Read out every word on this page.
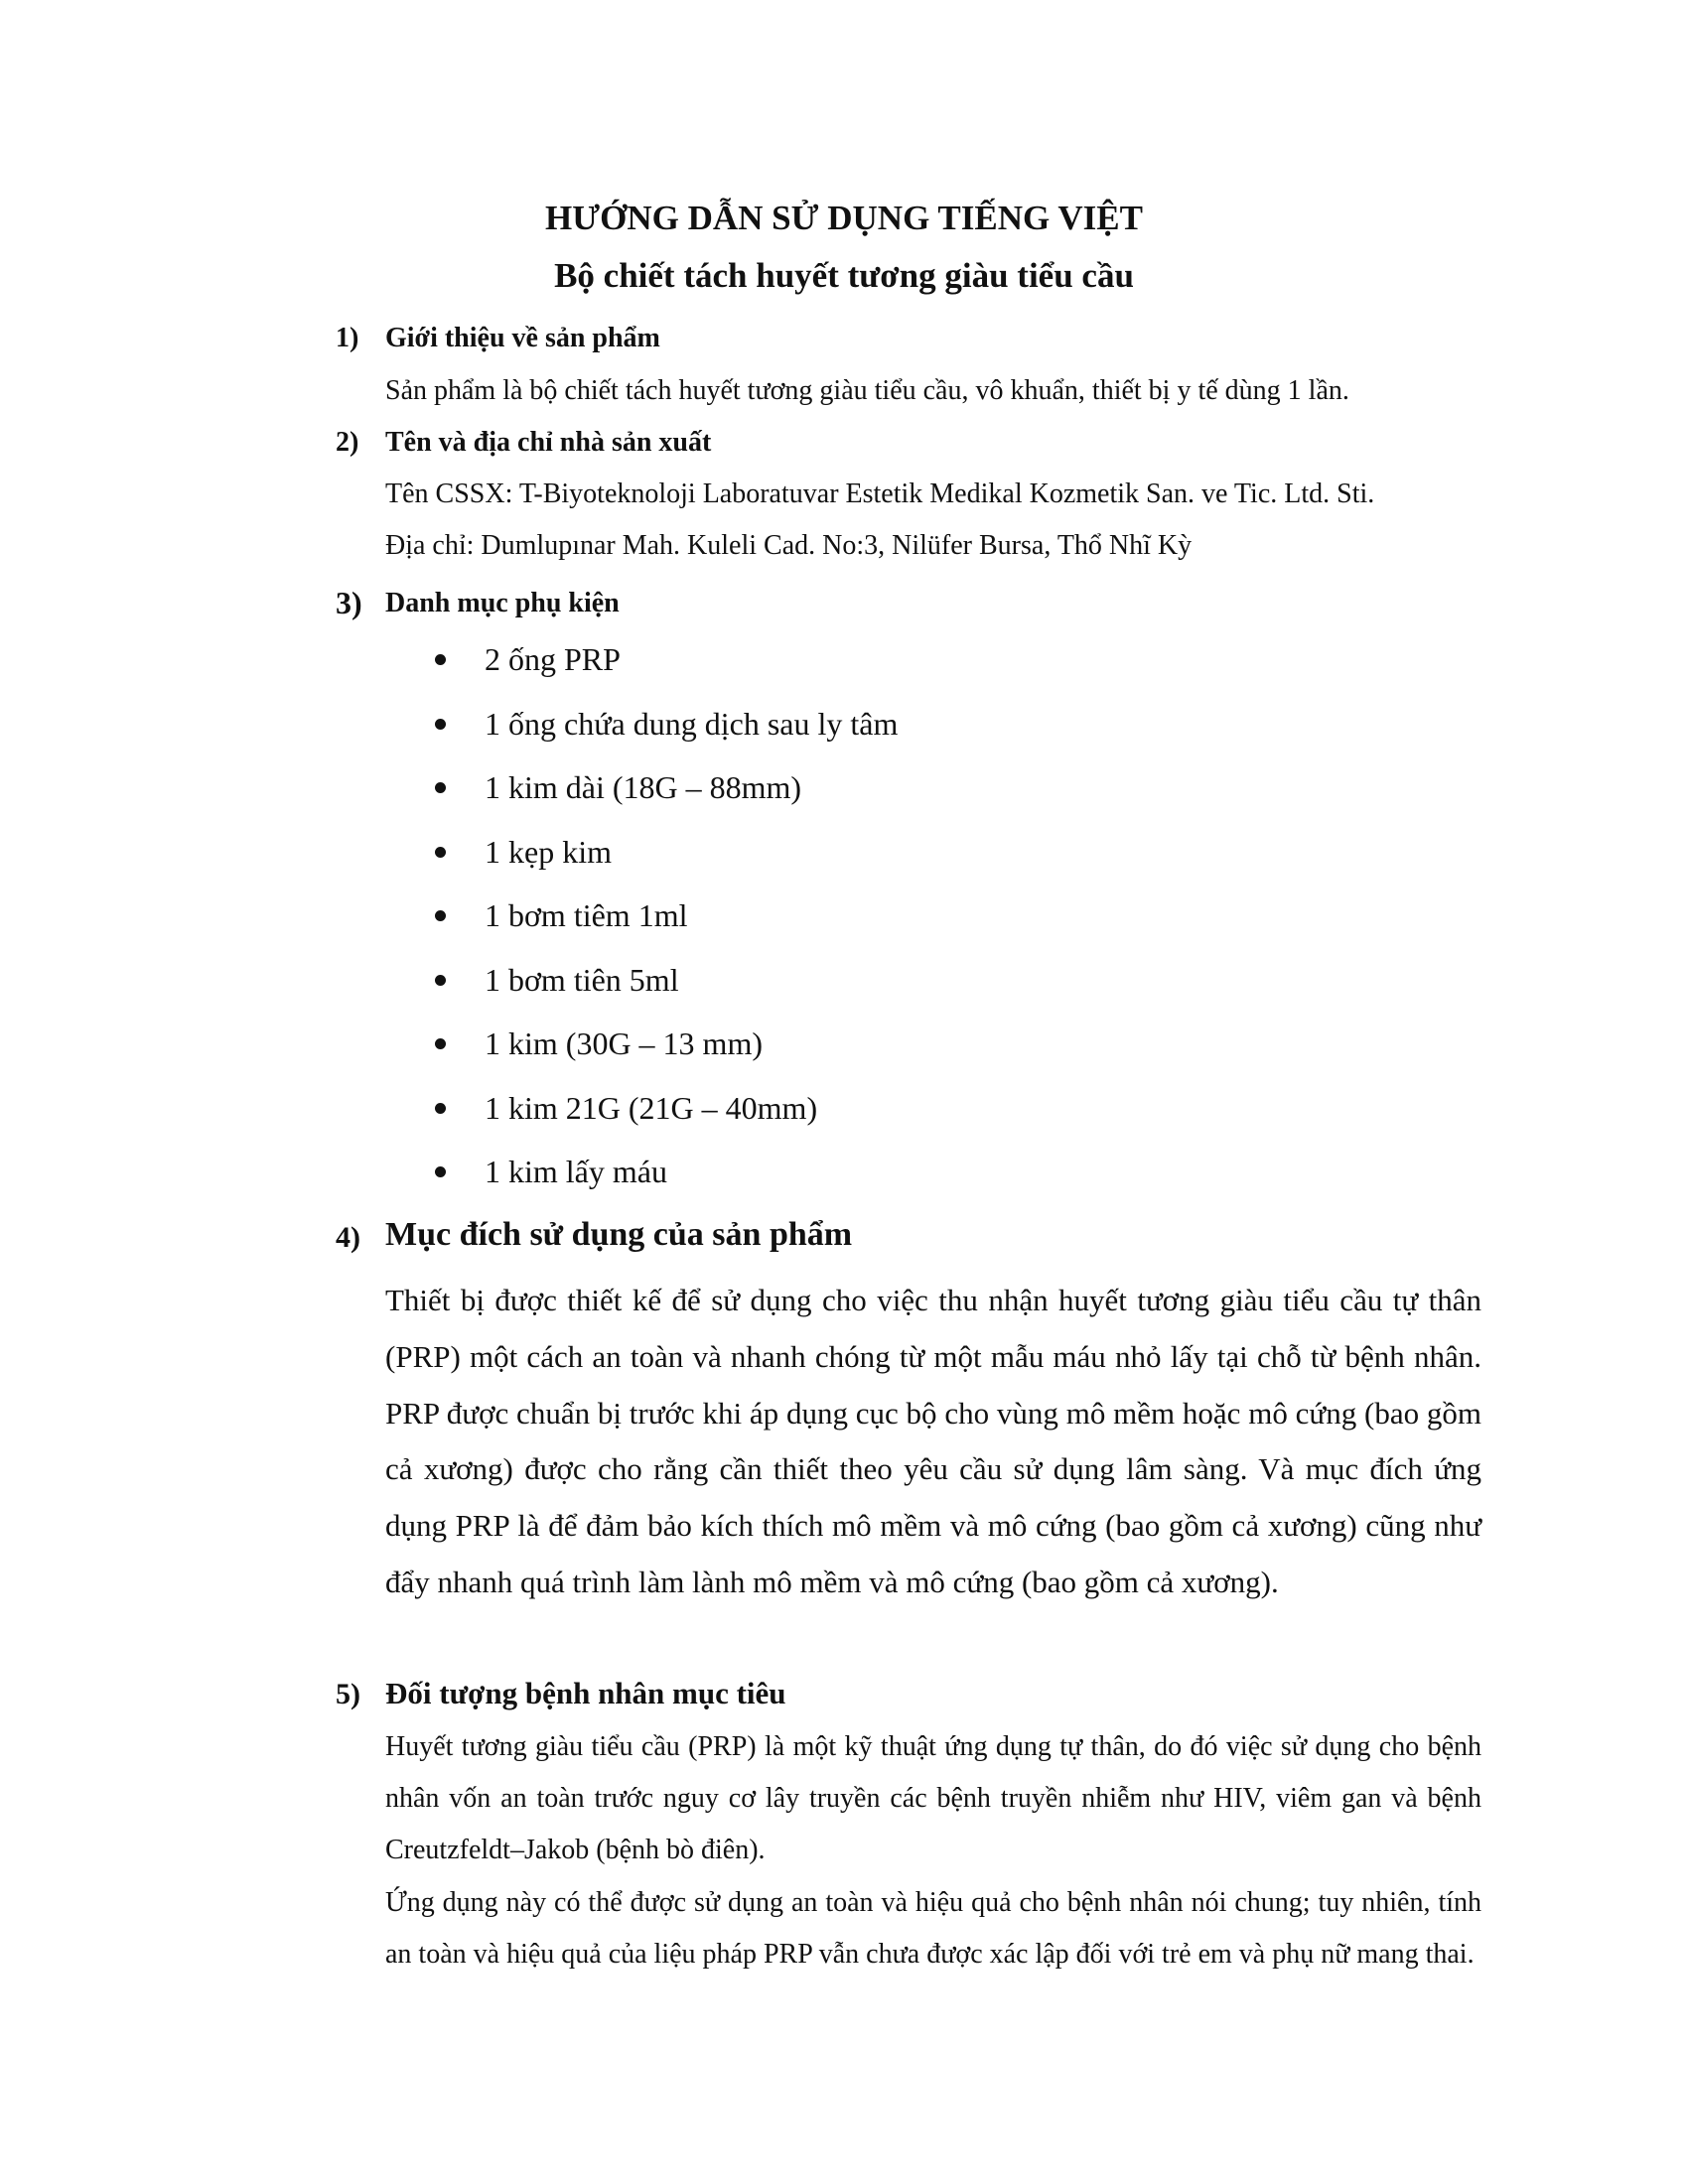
HƯỚNG DẪN SỬ DỤNG TIẾNG VIỆT
Bộ chiết tách huyết tương giàu tiểu cầu
1) Giới thiệu về sản phẩm
Sản phẩm là bộ chiết tách huyết tương giàu tiểu cầu, vô khuẩn, thiết bị y tế dùng 1 lần.
2) Tên và địa chỉ nhà sản xuất
Tên CSSX: T-Biyoteknoloji Laboratuvar Estetik Medikal Kozmetik San. ve Tic. Ltd. Sti.
Địa chỉ: Dumlupınar Mah. Kuleli Cad. No:3, Nilüfer Bursa, Thổ Nhĩ Kỳ
3) Danh mục phụ kiện
2 ống PRP
1 ống chứa dung dịch sau ly tâm
1 kim dài (18G – 88mm)
1 kẹp kim
1 bơm tiêm 1ml
1 bơm tiên 5ml
1 kim (30G – 13 mm)
1 kim 21G (21G – 40mm)
1 kim lấy máu
4) Mục đích sử dụng của sản phẩm

Thiết bị được thiết kế để sử dụng cho việc thu nhận huyết tương giàu tiểu cầu tự thân (PRP) một cách an toàn và nhanh chóng từ một mẫu máu nhỏ lấy tại chỗ từ bệnh nhân. PRP được chuẩn bị trước khi áp dụng cục bộ cho vùng mô mềm hoặc mô cứng (bao gồm cả xương) được cho rằng cần thiết theo yêu cầu sử dụng lâm sàng. Và mục đích ứng dụng PRP là để đảm bảo kích thích mô mềm và mô cứng (bao gồm cả xương) cũng như đẩy nhanh quá trình làm lành mô mềm và mô cứng (bao gồm cả xương).

5) Đối tượng bệnh nhân mục tiêu

Huyết tương giàu tiểu cầu (PRP) là một kỹ thuật ứng dụng tự thân, do đó việc sử dụng cho bệnh nhân vốn an toàn trước nguy cơ lây truyền các bệnh truyền nhiễm như HIV, viêm gan và bệnh Creutzfeldt–Jakob (bệnh bò điên).

Ứng dụng này có thể được sử dụng an toàn và hiệu quả cho bệnh nhân nói chung; tuy nhiên, tính an toàn và hiệu quả của liệu pháp PRP vẫn chưa được xác lập đối với trẻ em và phụ nữ mang thai.
